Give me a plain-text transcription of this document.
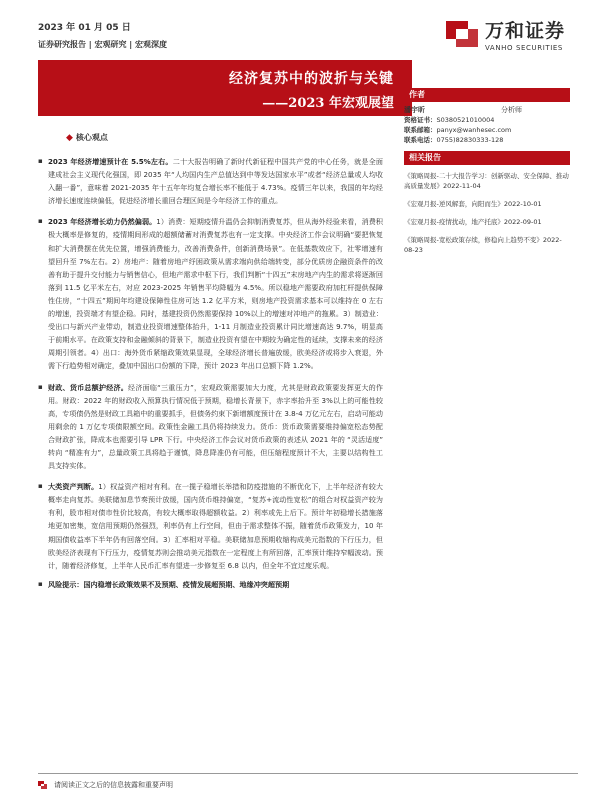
2023 年 01 月 05 日
证券研究报告 | 宏观研究 | 宏观深度
万和证券
VANHO SECURITIES
经济复苏中的波折与关键
——2023 年宏观展望
作者
潘宇昕	分析师
资格证书：S0380521010004
联系邮箱：panyx@wanhesec.com
联系电话：0755)82830333-128
相关报告
《策略周报-二十大报告学习：创新驱动、安全保障、推动高质量发展》2022-11-04
《宏观月报-逆风解套，向阳而生》2022-10-01
《宏观月报-疫情扰动，地产托底》2022-09-01
《策略周报-宽松政策存续，修稳向上趋势不变》2022-08-23
◆ 核心观点
▪ 2023 年经济增速预计在 5.5%左右。二十大报告明确了新时代新征程中国共产党的中心任务，就是全面建成社会主义现代化强国，即 2035 年“人均国内生产总值达到中等发达国家水平”或者“经济总量或人均收入翻一番”，意味着 2021-2035 年十五年年均复合增长率不能低于 4.73%。疫情三年以来，我国的年均经济增长速度连续偏低，促进经济增长重回合理区间是今年经济工作的重点。
▪ 2023 年经济增长动力仍然偏弱。1）消费：短期疫情升温仍会抑制消费复苏，但从海外经验来看，消费积极大概率是修复的，疫情期间形成的超额储蓄对消费复苏也有一定支撑。中央经济工作会议明确“要把恢复和扩大消费摆在优先位置，增强消费能力，改善消费条件，创新消费场景”。在低基数效应下，社零增速有望回升至 7%左右。2）房地产：随着房地产纾困政策从需求端向供给端转变，部分优质房企融资条件的改善有助于提升交付能力与销售信心，但地产需求中枢下行，我们判断“十四五”末房地产内生的需求将逐渐回落到 11.5 亿平米左右，对应 2023-2025 年销售平均降幅为 4.5%。所以稳地产需要政府加杠杆提供保障性住房，“十四五”期间年均建设保障性住房可达 1.2 亿平方米，则房地产投资需求基本可以维持在 0 左右的增速，投资端才有望企稳。同时，基建投资仍然需要保持 10%以上的增速对冲地产的拖累。3）制造业：受出口与新兴产业带动，制造业投资增速整体抬升，1-11 月制造业投资累计同比增速高达 9.7%，明显高于前期水平。在政策支持和金融倾斜的背景下，制造业投资有望在中期较为确定性的延续，支撑未来的经济周期引领者。4）出口：海外货币紧缩政策效果显现，全球经济增长普遍放缓，欧美经济或将步入衰退，外需下行趋势相对确定，叠加中国出口份额的下降，预计 2023 年出口总额下降 1.2%。
▪ 财政、货币总额护经济。经济面临“三重压力”，宏观政策需要加大力度，尤其是财政政策要发挥更大的作用。财政：2022 年的财政收入预算执行情况低于预期，稳增长背景下，赤字率抬升至 3%以上的可能性较高，专项债仍然是财政工具箱中的重要抓手，但债务约束下新增额度预计在 3.8-4 万亿元左右，启动可能动用剩余的 1 万亿专项债限额空间。政策性金融工具仍将持续发力。货币：货币政策需要维持偏宽松态势配合财政扩张，降成本也需要引导 LPR 下行。中央经济工作会议对货币政策的表述从 2021 年的 “灵活适度” 转向 “精准有力”，总量政策工具将趋于谨慎，降息降准仍有可能，但压缩程度预计不大，主要以结构性工具支持实体。
▪ 大类资产判断。1）权益资产相对有利。在一揽子稳增长举措和防疫措施的不断优化下，上半年经济有较大概率走向复苏。美联储加息节奏预计放缓，国内货币维持偏宽，“复苏+流动性宽松”的组合对权益资产较为有利，股市相对债市性价比较高，有较大概率取得超额收益。2）利率或先上后下。预计年初稳增长措施落地更加密集，宽信用预期仍然强烈，利率仍有上行空间，但由于需求整体不振，随着货币政策发力，10 年期国债收益率下半年仍有回落空间。3）汇率相对平稳。美联储加息预期收缩构成美元指数的下行压力，但欧美经济表现有下行压力，疫情复苏则会推动美元指数在一定程度上有所回落，汇率预计维持窄幅波动。预计，随着经济修复，上半年人民币汇率有望进一步修复至 6.8 以内，但全年不宜过度乐观。
▪ 风险提示：国内稳增长政策效果不及预期、疫情发展超预期、地缘冲突超预期
请阅读正文之后的信息披露和重要声明
